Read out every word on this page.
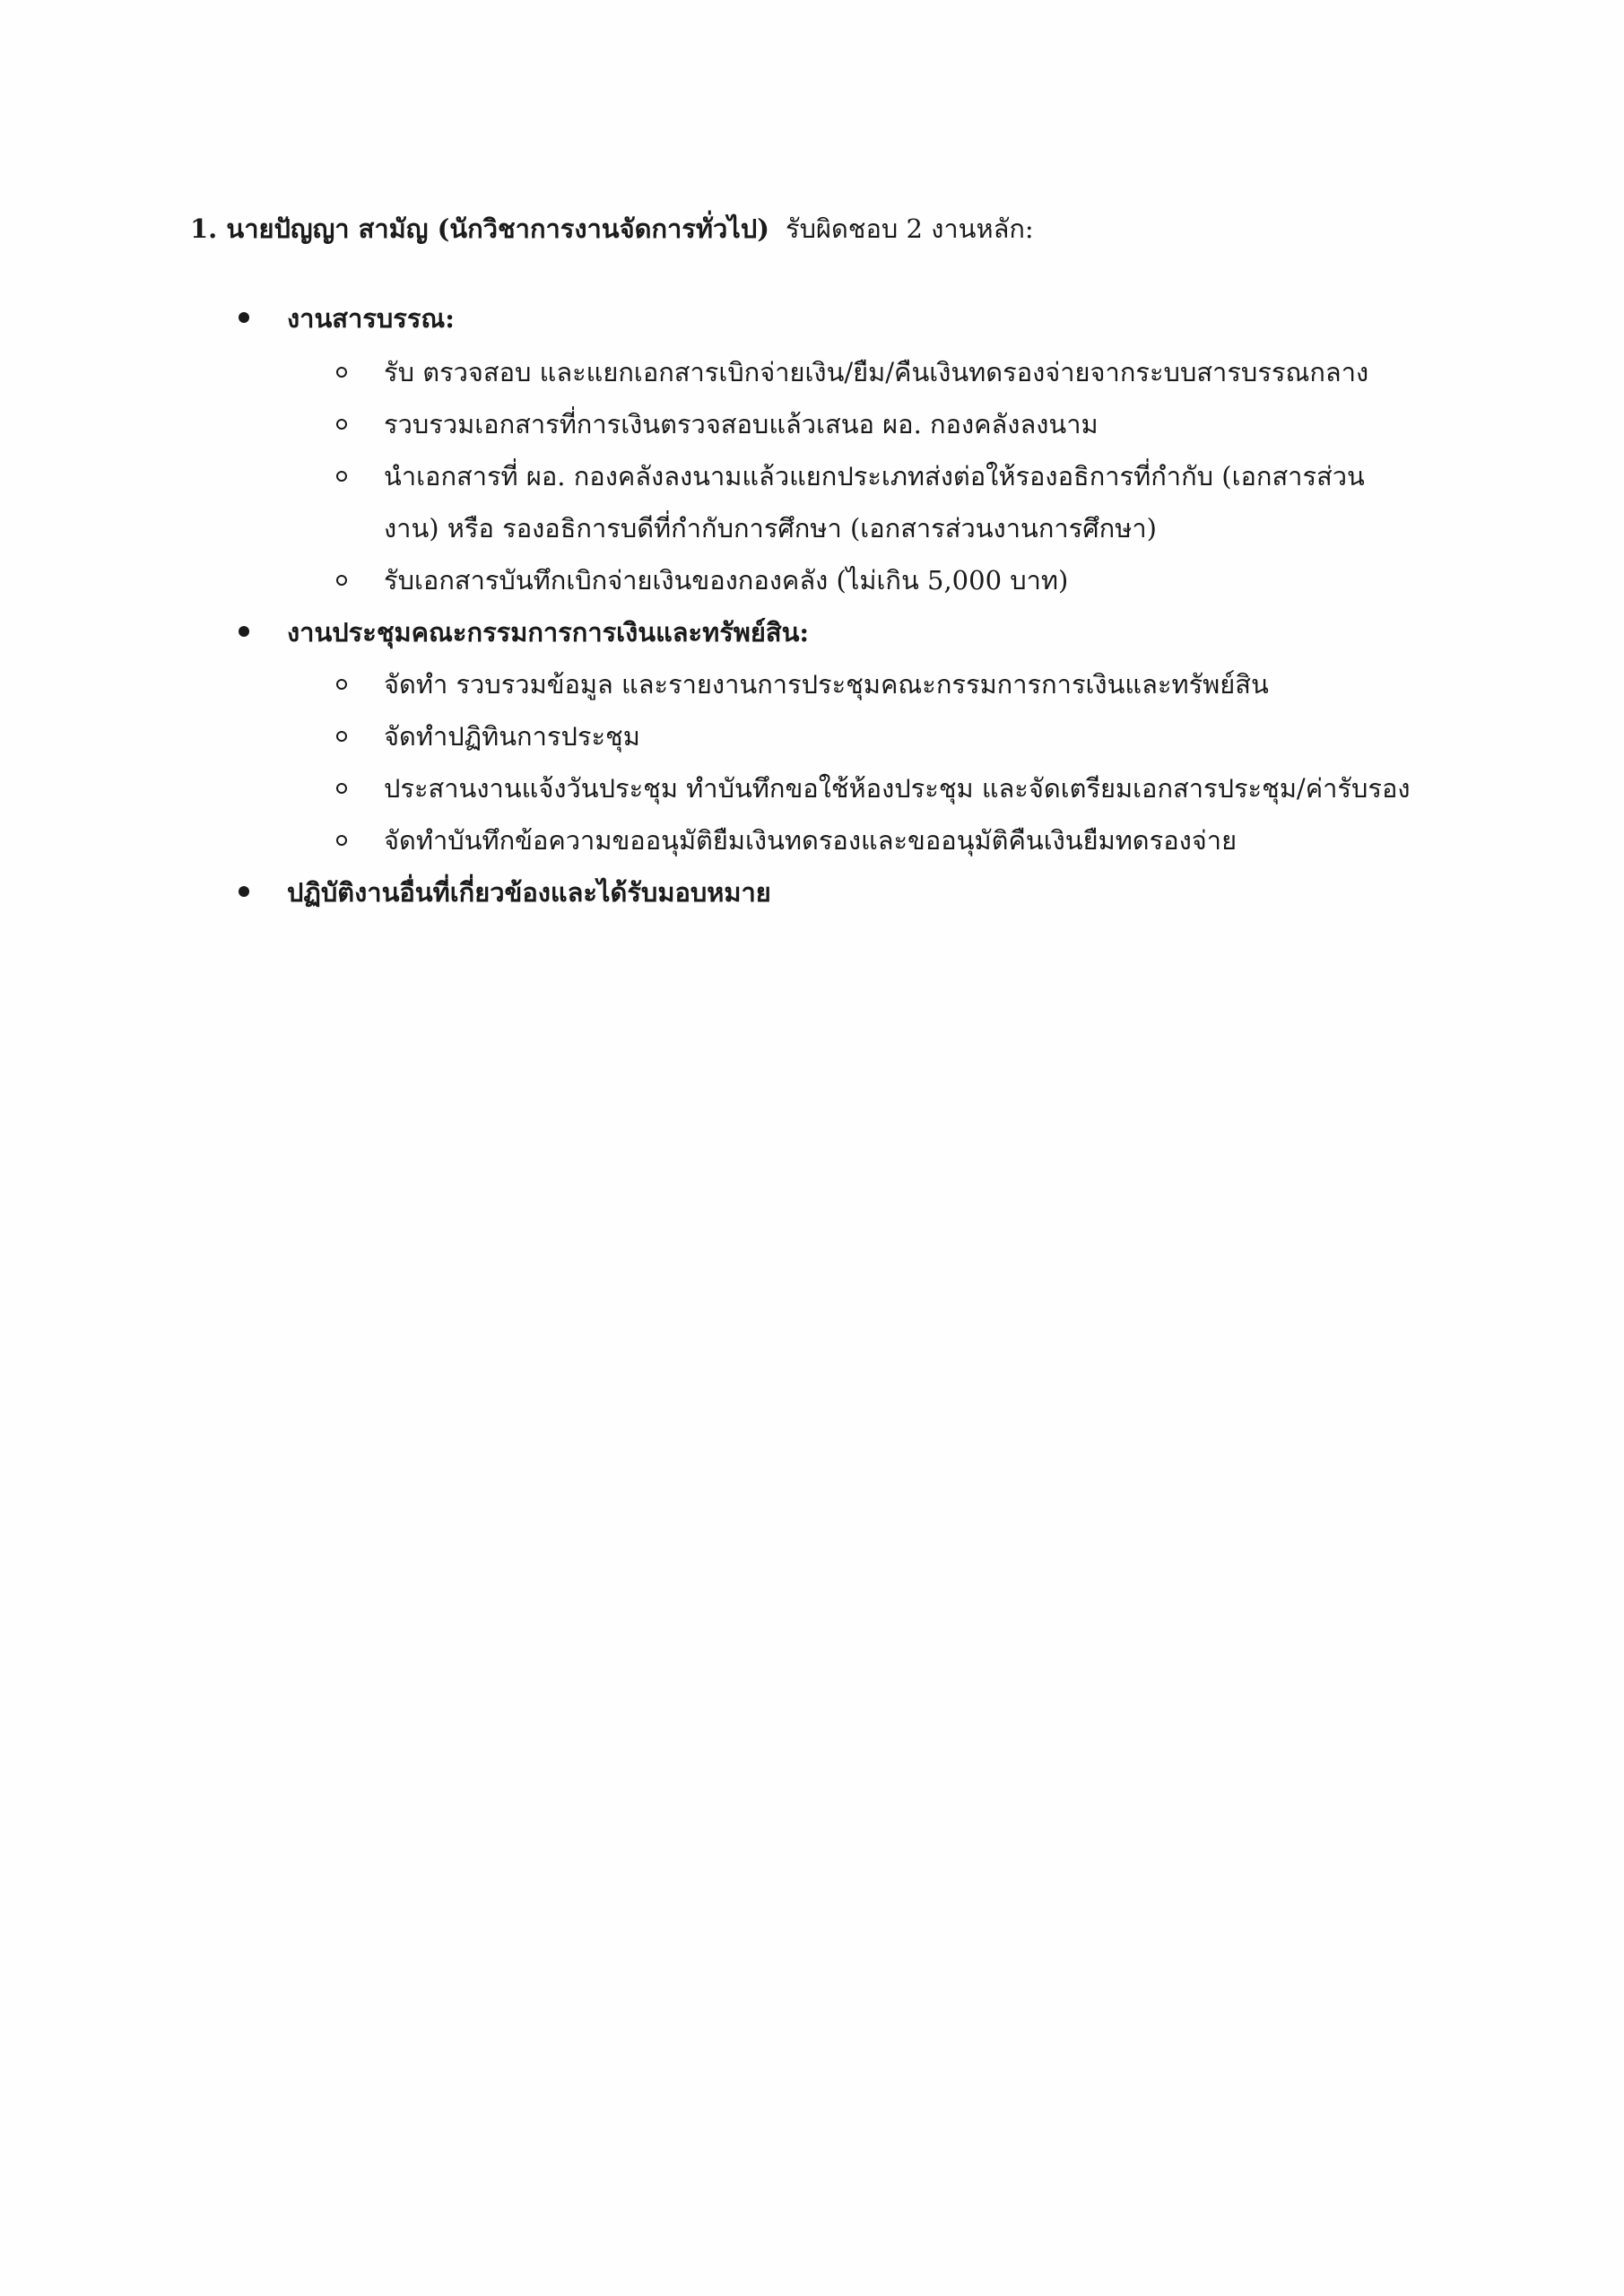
1. นายปัญญา สามัญ (นักวิชาการงานจัดการทั่วไป) รับผิดชอบ 2 งานหลัก:
งานสารบรรณ:
รับ ตรวจสอบ และแยกเอกสารเบิกจ่ายเงิน/ยืม/คืนเงินทดรองจ่ายจากระบบสารบรรณกลาง
รวบรวมเอกสารที่การเงินตรวจสอบแล้วเสนอ ผอ. กองคลังลงนาม
นำเอกสารที่ ผอ. กองคลังลงนามแล้วแยกประเภทส่งต่อให้รองอธิการที่กำกับ (เอกสารส่วนงาน) หรือ รองอธิการบดีที่กำกับการศึกษา (เอกสารส่วนงานการศึกษา)
รับเอกสารบันทึกเบิกจ่ายเงินของกองคลัง (ไม่เกิน 5,000 บาท)
งานประชุมคณะกรรมการการเงินและทรัพย์สิน:
จัดทำ รวบรวมข้อมูล และรายงานการประชุมคณะกรรมการการเงินและทรัพย์สิน
จัดทำปฏิทินการประชุม
ประสานงานแจ้งวันประชุม ทำบันทึกขอใช้ห้องประชุม และจัดเตรียมเอกสารประชุม/ค่ารับรอง
จัดทำบันทึกข้อความขออนุมัติยืมเงินทดรองและขออนุมัติคืนเงินยืมทดรองจ่าย
ปฏิบัติงานอื่นที่เกี่ยวข้องและได้รับมอบหมาย
